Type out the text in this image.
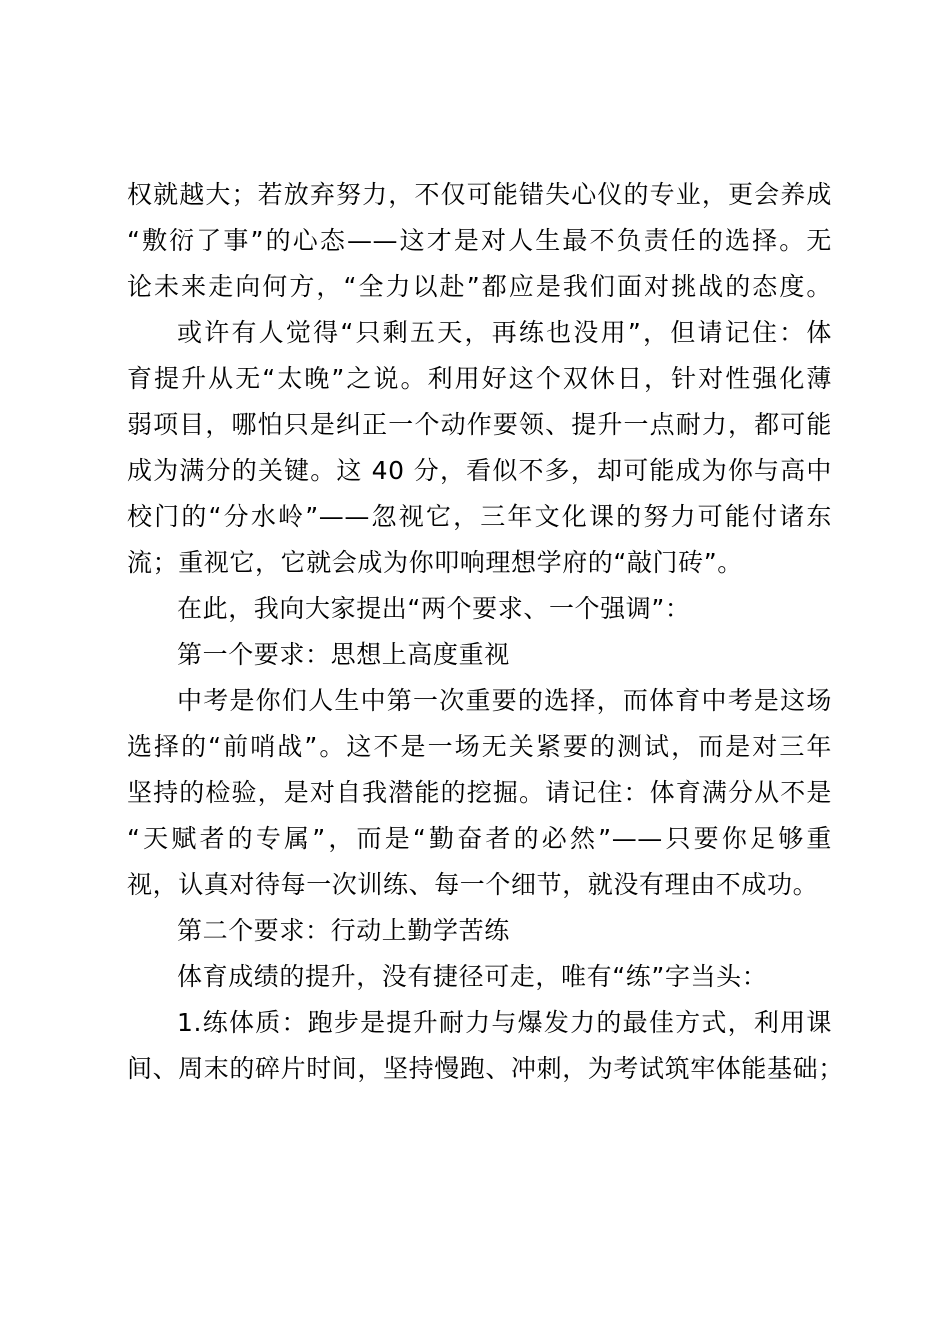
权就越大；若放弃努力，不仅可能错失心仪的专业，更会养成
“敷衍了事”的心态——这才是对人生最不负责任的选择。无
论未来走向何方，“全力以赴”都应是我们面对挑战的态度。
或许有人觉得“只剩五天，再练也没用”，但请记住：体
育提升从无“太晚”之说。利用好这个双休日，针对性强化薄
弱项目，哪怕只是纠正一个动作要领、提升一点耐力，都可能
成为满分的关键。这 40 分，看似不多，却可能成为你与高中
校门的“分水岭”——忽视它，三年文化课的努力可能付诸东
流；重视它，它就会成为你叩响理想学府的“敲门砖”。
在此，我向大家提出“两个要求、一个强调”：
第一个要求：思想上高度重视
中考是你们人生中第一次重要的选择，而体育中考是这场
选择的“前哨战”。这不是一场无关紧要的测试，而是对三年
坚持的检验，是对自我潜能的挖掘。请记住：体育满分从不是
“天赋者的专属”，而是“勤奋者的必然”——只要你足够重
视，认真对待每一次训练、每一个细节，就没有理由不成功。
第二个要求：行动上勤学苦练
体育成绩的提升，没有捷径可走，唯有“练”字当头：
1.练体质：跑步是提升耐力与爆发力的最佳方式，利用课
间、周末的碎片时间，坚持慢跑、冲刺，为考试筑牢体能基础；
